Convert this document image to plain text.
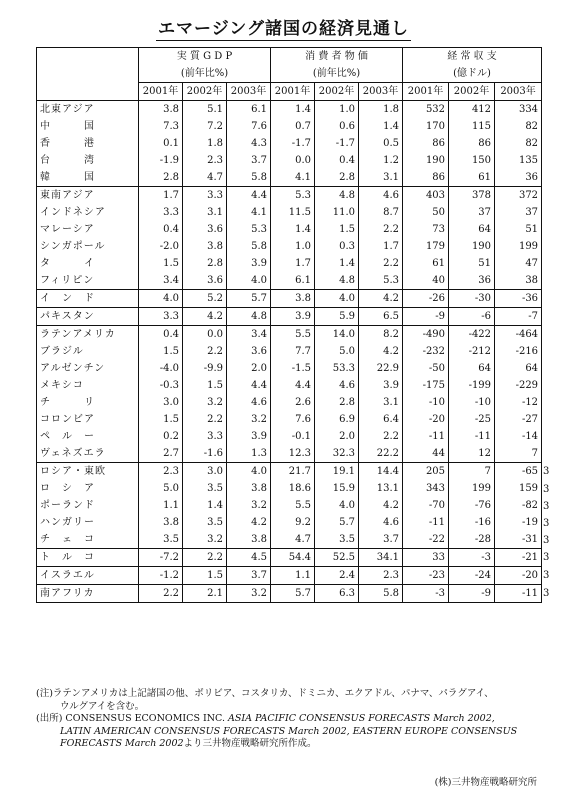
エマージング諸国の経済見通し
	実 質 G D P			消 費 者 物 価			経 常 収 支		
	(前年比%)			(前年比%)			(億ドル)		
	2001年	2002年	2003年	2001年	2002年	2003年	2001年	2002年	2003年
北東アジア	3.8	5.1	6.1	1.4	1.0	1.8	532	412	334
中　　　国	7.3	7.2	7.6	0.7	0.6	1.4	170	115	82
香　　　港	0.1	1.8	4.3	-1.7	-1.7	0.5	86	86	82
台　　　湾	-1.9	2.3	3.7	0.0	0.4	1.2	190	150	135
韓　　　国	2.8	4.7	5.8	4.1	2.8	3.1	86	61	36
東南アジア	1.7	3.3	4.4	5.3	4.8	4.6	403	378	372
インドネシア	3.3	3.1	4.1	11.5	11.0	8.7	50	37	37
マレーシア	0.4	3.6	5.3	1.4	1.5	2.2	73	64	51
シンガポール	-2.0	3.8	5.8	1.0	0.3	1.7	179	190	199
タ　　　イ	1.5	2.8	3.9	1.7	1.4	2.2	61	51	47
フィリピン	3.4	3.6	4.0	6.1	4.8	5.3	40	36	38
イ　ン　ド	4.0	5.2	5.7	3.8	4.0	4.2	-26	-30	-36
パキスタン	3.3	4.2	4.8	3.9	5.9	6.5	-9	-6	-7
ラテンアメリカ	0.4	0.0	3.4	5.5	14.0	8.2	-490	-422	-464
ブラジル	1.5	2.2	3.6	7.7	5.0	4.2	-232	-212	-216
アルゼンチン	-4.0	-9.9	2.0	-1.5	53.3	22.9	-50	64	64
メキシコ	-0.3	1.5	4.4	4.4	4.6	3.9	-175	-199	-229
チ　　　リ	3.0	3.2	4.6	2.6	2.8	3.1	-10	-10	-12
コロンビア	1.5	2.2	3.2	7.6	6.9	6.4	-20	-25	-27
ペ　ル　ー	0.2	3.3	3.9	-0.1	2.0	2.2	-11	-11	-14
ヴェネズエラ	2.7	-1.6	1.3	12.3	32.3	22.2	44	12	7
ロシア・東欧	2.3	3.0	4.0	21.7	19.1	14.4	205	7	-65
ロ　シ　ア	5.0	3.5	3.8	18.6	15.9	13.1	343	199	159
ポーランド	1.1	1.4	3.2	5.5	4.0	4.2	-70	-76	-82
ハンガリー	3.8	3.5	4.2	9.2	5.7	4.6	-11	-16	-19
チ　ェ　コ	3.5	3.2	3.8	4.7	3.5	3.7	-22	-28	-31
ト　ル　コ	-7.2	2.2	4.5	54.4	52.5	34.1	33	-3	-21
イスラエル	-1.2	1.5	3.7	1.1	2.4	2.3	-23	-24	-20
南アフリカ	2.2	2.1	3.2	5.7	6.3	5.8	-3	-9	-11
3
3
3
3
3
3
3
3
(注)ラテンアメリカは上記諸国の他、ボリビア、コスタリカ、ドミニカ、エクアドル、パナマ、パラグアイ、
ウルグアイを含む。
(出所) CONSENSUS ECONOMICS INC. ASIA PACIFIC CONSENSUS FORECASTS March 2002,
LATIN AMERICAN CONSENSUS FORECASTS March 2002, EASTERN EUROPE CONSENSUS
FORECASTS March 2002より三井物産戦略研究所作成。
(株)三井物産戦略研究所
